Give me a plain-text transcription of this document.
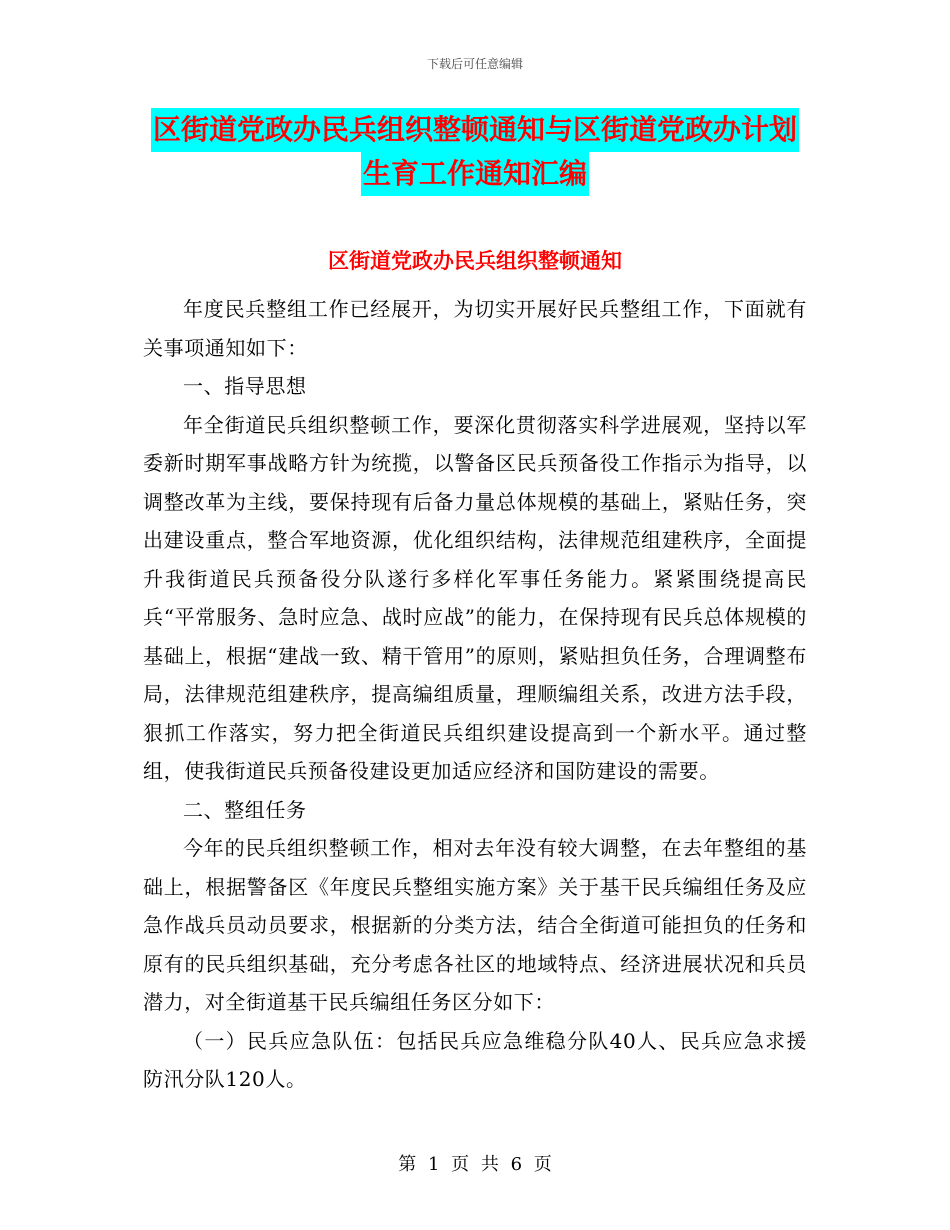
下载后可任意编辑
区街道党政办民兵组织整顿通知与区街道党政办计划
生育工作通知汇编
区街道党政办民兵组织整顿通知

年度民兵整组工作已经展开，为切实开展好民兵整组工作，下面就有关事项通知如下：

一、指导思想

年全街道民兵组织整顿工作，要深化贯彻落实科学进展观，坚持以军委新时期军事战略方针为统揽，以警备区民兵预备役工作指示为指导，以调整改革为主线，要保持现有后备力量总体规模的基础上，紧贴任务，突出建设重点，整合军地资源，优化组织结构，法律规范组建秩序，全面提升我街道民兵预备役分队遂行多样化军事任务能力。紧紧围绕提高民兵“平常服务、急时应急、战时应战”的能力，在保持现有民兵总体规模的基础上，根据“建战一致、精干管用”的原则，紧贴担负任务，合理调整布局，法律规范组建秩序，提高编组质量，理顺编组关系，改进方法手段，狠抓工作落实，努力把全街道民兵组织建设提高到一个新水平。通过整组，使我街道民兵预备役建设更加适应经济和国防建设的需要。

二、整组任务

今年的民兵组织整顿工作，相对去年没有较大调整，在去年整组的基础上，根据警备区《年度民兵整组实施方案》关于基干民兵编组任务及应急作战兵员动员要求，根据新的分类方法，结合全街道可能担负的任务和原有的民兵组织基础，充分考虑各社区的地域特点、经济进展状况和兵员潜力，对全街道基干民兵编组任务区分如下：

（一）民兵应急队伍：包括民兵应急维稳分队40人、民兵应急求援防汛分队120人。

第 1 页 共 6 页
